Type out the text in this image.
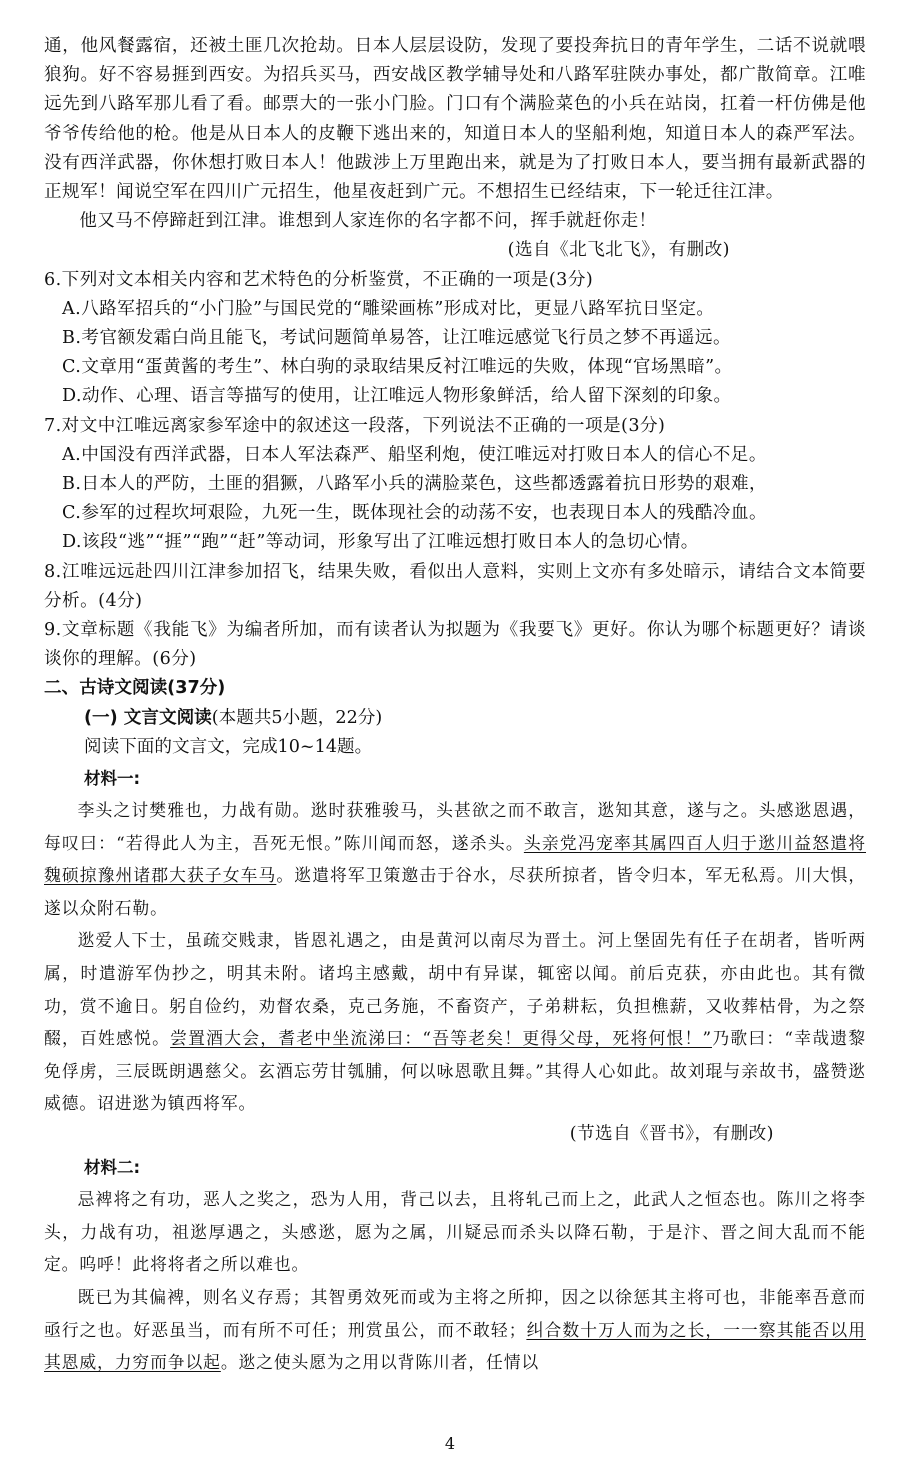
通，他风餐露宿，还被土匪几次抢劫。日本人层层设防，发现了要投奔抗日的青年学生，二话不说就喂狼狗。好不容易捱到西安。为招兵买马，西安战区教学辅导处和八路军驻陕办事处，都广散简章。江唯远先到八路军那儿看了看。邮票大的一张小门脸。门口有个满脸菜色的小兵在站岗，扛着一杆仿佛是他爷爷传给他的枪。他是从日本人的皮鞭下逃出来的，知道日本人的坚船利炮，知道日本人的森严军法。没有西洋武器，你休想打败日本人！他跋涉上万里跑出来，就是为了打败日本人，要当拥有最新武器的正规军！闻说空军在四川广元招生，他星夜赶到广元。不想招生已经结束，下一轮迁往江津。

他又马不停蹄赶到江津。谁想到人家连你的名字都不问，挥手就赶你走！

(选自《北飞北飞》，有删改)

6.下列对文本相关内容和艺术特色的分析鉴赏，不正确的一项是(3分)

A.八路军招兵的“小门脸”与国民党的“雕梁画栋”形成对比，更显八路军抗日坚定。

B.考官额发霜白尚且能飞，考试问题简单易答，让江唯远感觉飞行员之梦不再遥远。

C.文章用“蛋黄酱的考生”、林白驹的录取结果反衬江唯远的失败，体现“官场黑暗”。

D.动作、心理、语言等描写的使用，让江唯远人物形象鲜活，给人留下深刻的印象。

7.对文中江唯远离家参军途中的叙述这一段落，下列说法不正确的一项是(3分)

A.中国没有西洋武器，日本人军法森严、船坚利炮，使江唯远对打败日本人的信心不足。

B.日本人的严防，土匪的猖獗，八路军小兵的满脸菜色，这些都透露着抗日形势的艰难，

C.参军的过程坎坷艰险，九死一生，既体现社会的动荡不安，也表现日本人的残酷冷血。

D.该段“逃”“捱”“跑”“赶”等动词，形象写出了江唯远想打败日本人的急切心情。

8.江唯远远赴四川江津参加招飞，结果失败，看似出人意料，实则上文亦有多处暗示，请结合文本简要分析。(4分)

9.文章标题《我能飞》为编者所加，而有读者认为拟题为《我要飞》更好。你认为哪个标题更好？请谈谈你的理解。(6分)

二、古诗文阅读(37分)

(一) 文言文阅读(本题共5小题，22分)

阅读下面的文言文，完成10~14题。

材料一:

李头之讨樊雅也，力战有勋。逖时获雅骏马，头甚欲之而不敢言，逖知其意，遂与之。头感逖恩遇，每叹曰：“若得此人为主，吾死无恨。”陈川闻而怒，遂杀头。头亲党冯宠率其属四百人归于逖川益怒遣将魏硕掠豫州诸郡大获子女车马。逖遣将军卫策邀击于谷水，尽获所掠者，皆令归本，军无私焉。川大惧，遂以众附石勒。

逖爱人下士，虽疏交贱隶，皆恩礼遇之，由是黄河以南尽为晋土。河上堡固先有任子在胡者，皆听两属，时遣游军伪抄之，明其未附。诸坞主感戴，胡中有异谋，辄密以闻。前后克获，亦由此也。其有微功，赏不逾日。躬自俭约，劝督农桑，克己务施，不畜资产，子弟耕耘，负担樵薪，又收葬枯骨，为之祭醊，百姓感悦。尝置酒大会，耆老中坐流涕曰：“吾等老矣！更得父母，死将何恨！”乃歌曰：“幸哉遗黎免俘虏，三辰既朗遇慈父。玄酒忘劳甘瓠脯，何以咏恩歌且舞。”其得人心如此。故刘琨与亲故书，盛赞逖威德。诏进逖为镇西将军。

(节选自《晋书》，有删改)

材料二:

忌裨将之有功，恶人之奖之，恐为人用，背己以去，且将轧己而上之，此武人之恒态也。陈川之将李头，力战有功，祖逖厚遇之，头感逖，愿为之属，川疑忌而杀头以降石勒，于是汴、晋之间大乱而不能定。呜呼！此将将者之所以难也。

既已为其偏裨，则名义存焉；其智勇效死而或为主将之所抑，因之以徐惩其主将可也，非能率吾意而亟行之也。好恶虽当，而有所不可任；刑赏虽公，而不敢轻；纠合数十万人而为之长，一一察其能否以用其恩威，力穷而争以起。逖之使头愿为之用以背陈川者，任情以

4
